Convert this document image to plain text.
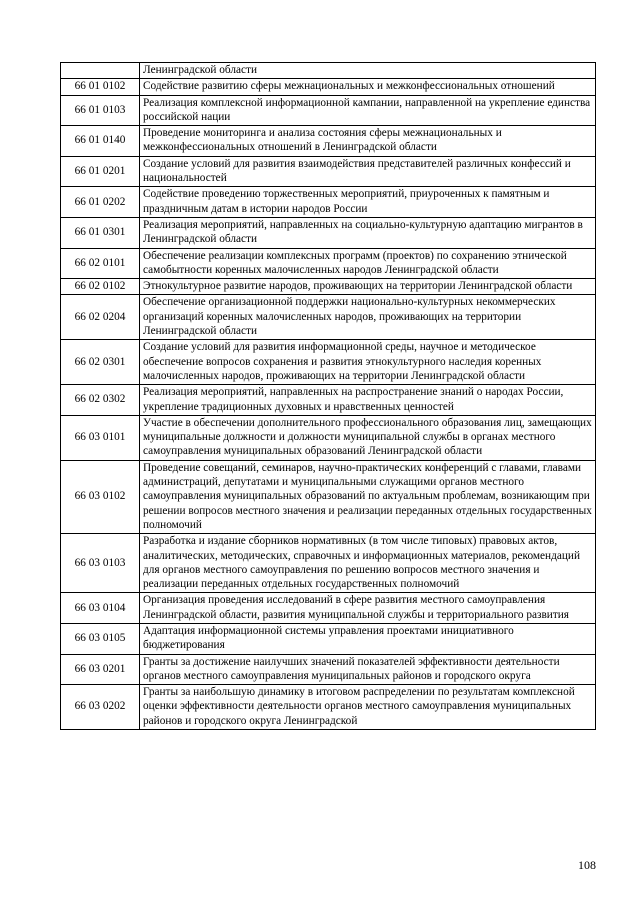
	Ленинградской области
66 01 0102	Содействие развитию сферы межнациональных и межконфессиональных отношений
66 01 0103	Реализация комплексной информационной кампании, направленной на укрепление единства российской нации
66 01 0140	Проведение мониторинга и анализа состояния сферы межнациональных и межконфессиональных отношений в Ленинградской области
66 01 0201	Создание условий для развития взаимодействия представителей различных конфессий и национальностей
66 01 0202	Содействие проведению торжественных мероприятий, приуроченных к памятным и праздничным датам в истории народов России
66 01 0301	Реализация мероприятий, направленных на социально-культурную адаптацию мигрантов в Ленинградской области
66 02 0101	Обеспечение реализации комплексных программ (проектов) по сохранению этнической самобытности коренных малочисленных народов Ленинградской области
66 02 0102	Этнокультурное развитие народов, проживающих на территории Ленинградской области
66 02 0204	Обеспечение организационной поддержки национально-культурных некоммерческих организаций коренных малочисленных народов, проживающих на территории Ленинградской области
66 02 0301	Создание условий для развития информационной среды, научное и методическое обеспечение вопросов сохранения и развития этнокультурного наследия коренных малочисленных народов, проживающих на территории Ленинградской области
66 02 0302	Реализация мероприятий, направленных на распространение знаний о народах России, укрепление традиционных духовных и нравственных ценностей
66 03 0101	Участие в обеспечении дополнительного профессионального образования лиц, замещающих муниципальные должности и должности муниципальной службы в органах местного самоуправления муниципальных образований Ленинградской области
66 03 0102	Проведение совещаний, семинаров, научно-практических конференций с главами, главами администраций, депутатами и муниципальными служащими органов местного самоуправления муниципальных образований по актуальным проблемам, возникающим при решении вопросов местного значения и реализации переданных отдельных государственных полномочий
66 03 0103	Разработка и издание сборников нормативных (в том числе типовых) правовых актов, аналитических, методических, справочных и информационных материалов, рекомендаций для органов местного самоуправления по решению вопросов местного значения и реализации переданных отдельных государственных полномочий
66 03 0104	Организация проведения исследований в сфере развития местного самоуправления Ленинградской области, развития муниципальной службы и территориального развития
66 03 0105	Адаптация информационной системы управления проектами инициативного бюджетирования
66 03 0201	Гранты за достижение наилучших значений показателей эффективности деятельности органов местного самоуправления муниципальных районов и городского округа
66 03 0202	Гранты за наибольшую динамику в итоговом распределении по результатам комплексной оценки эффективности деятельности органов местного самоуправления муниципальных районов и городского округа Ленинградской
108
